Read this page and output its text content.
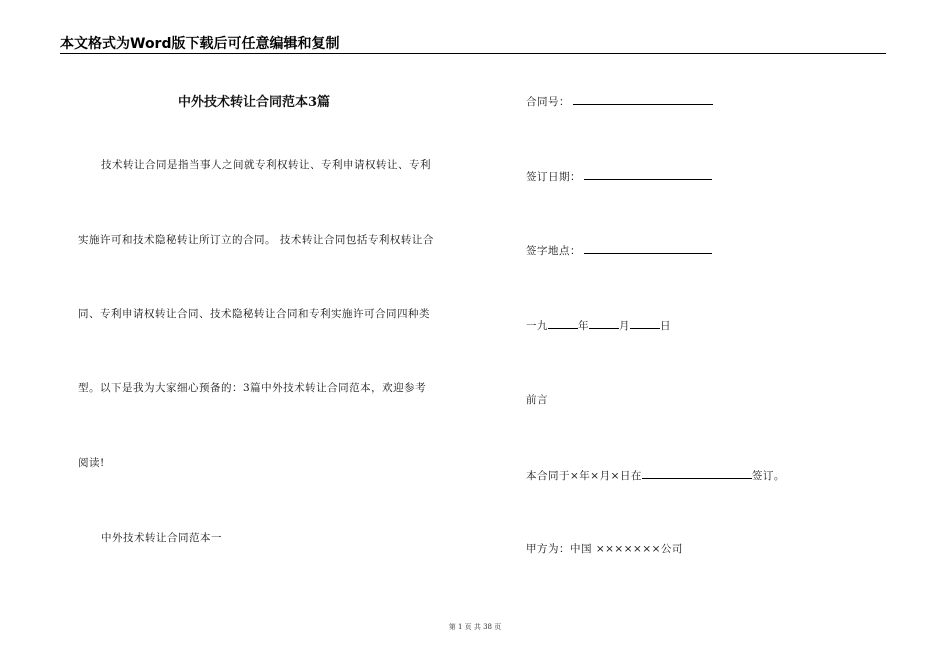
本文格式为Word版下载后可任意编辑和复制
中外技术转让合同范本3篇
技术转让合同是指当事人之间就专利权转让、专利申请权转让、专利
实施许可和技术隐秘转让所订立的合同。 技术转让合同包括专利权转让合
同、专利申请权转让合同、技术隐秘转让合同和专利实施许可合同四种类
型。以下是我为大家细心预备的：3篇中外技术转让合同范本，欢迎参考
阅读!
中外技术转让合同范本一
合同号：
签订日期：
签字地点：
一九	年	月	日
前言
本合同于×年×月×日在	签订。
甲方为：中国 ×××××××公司
第 1 页 共 38 页
